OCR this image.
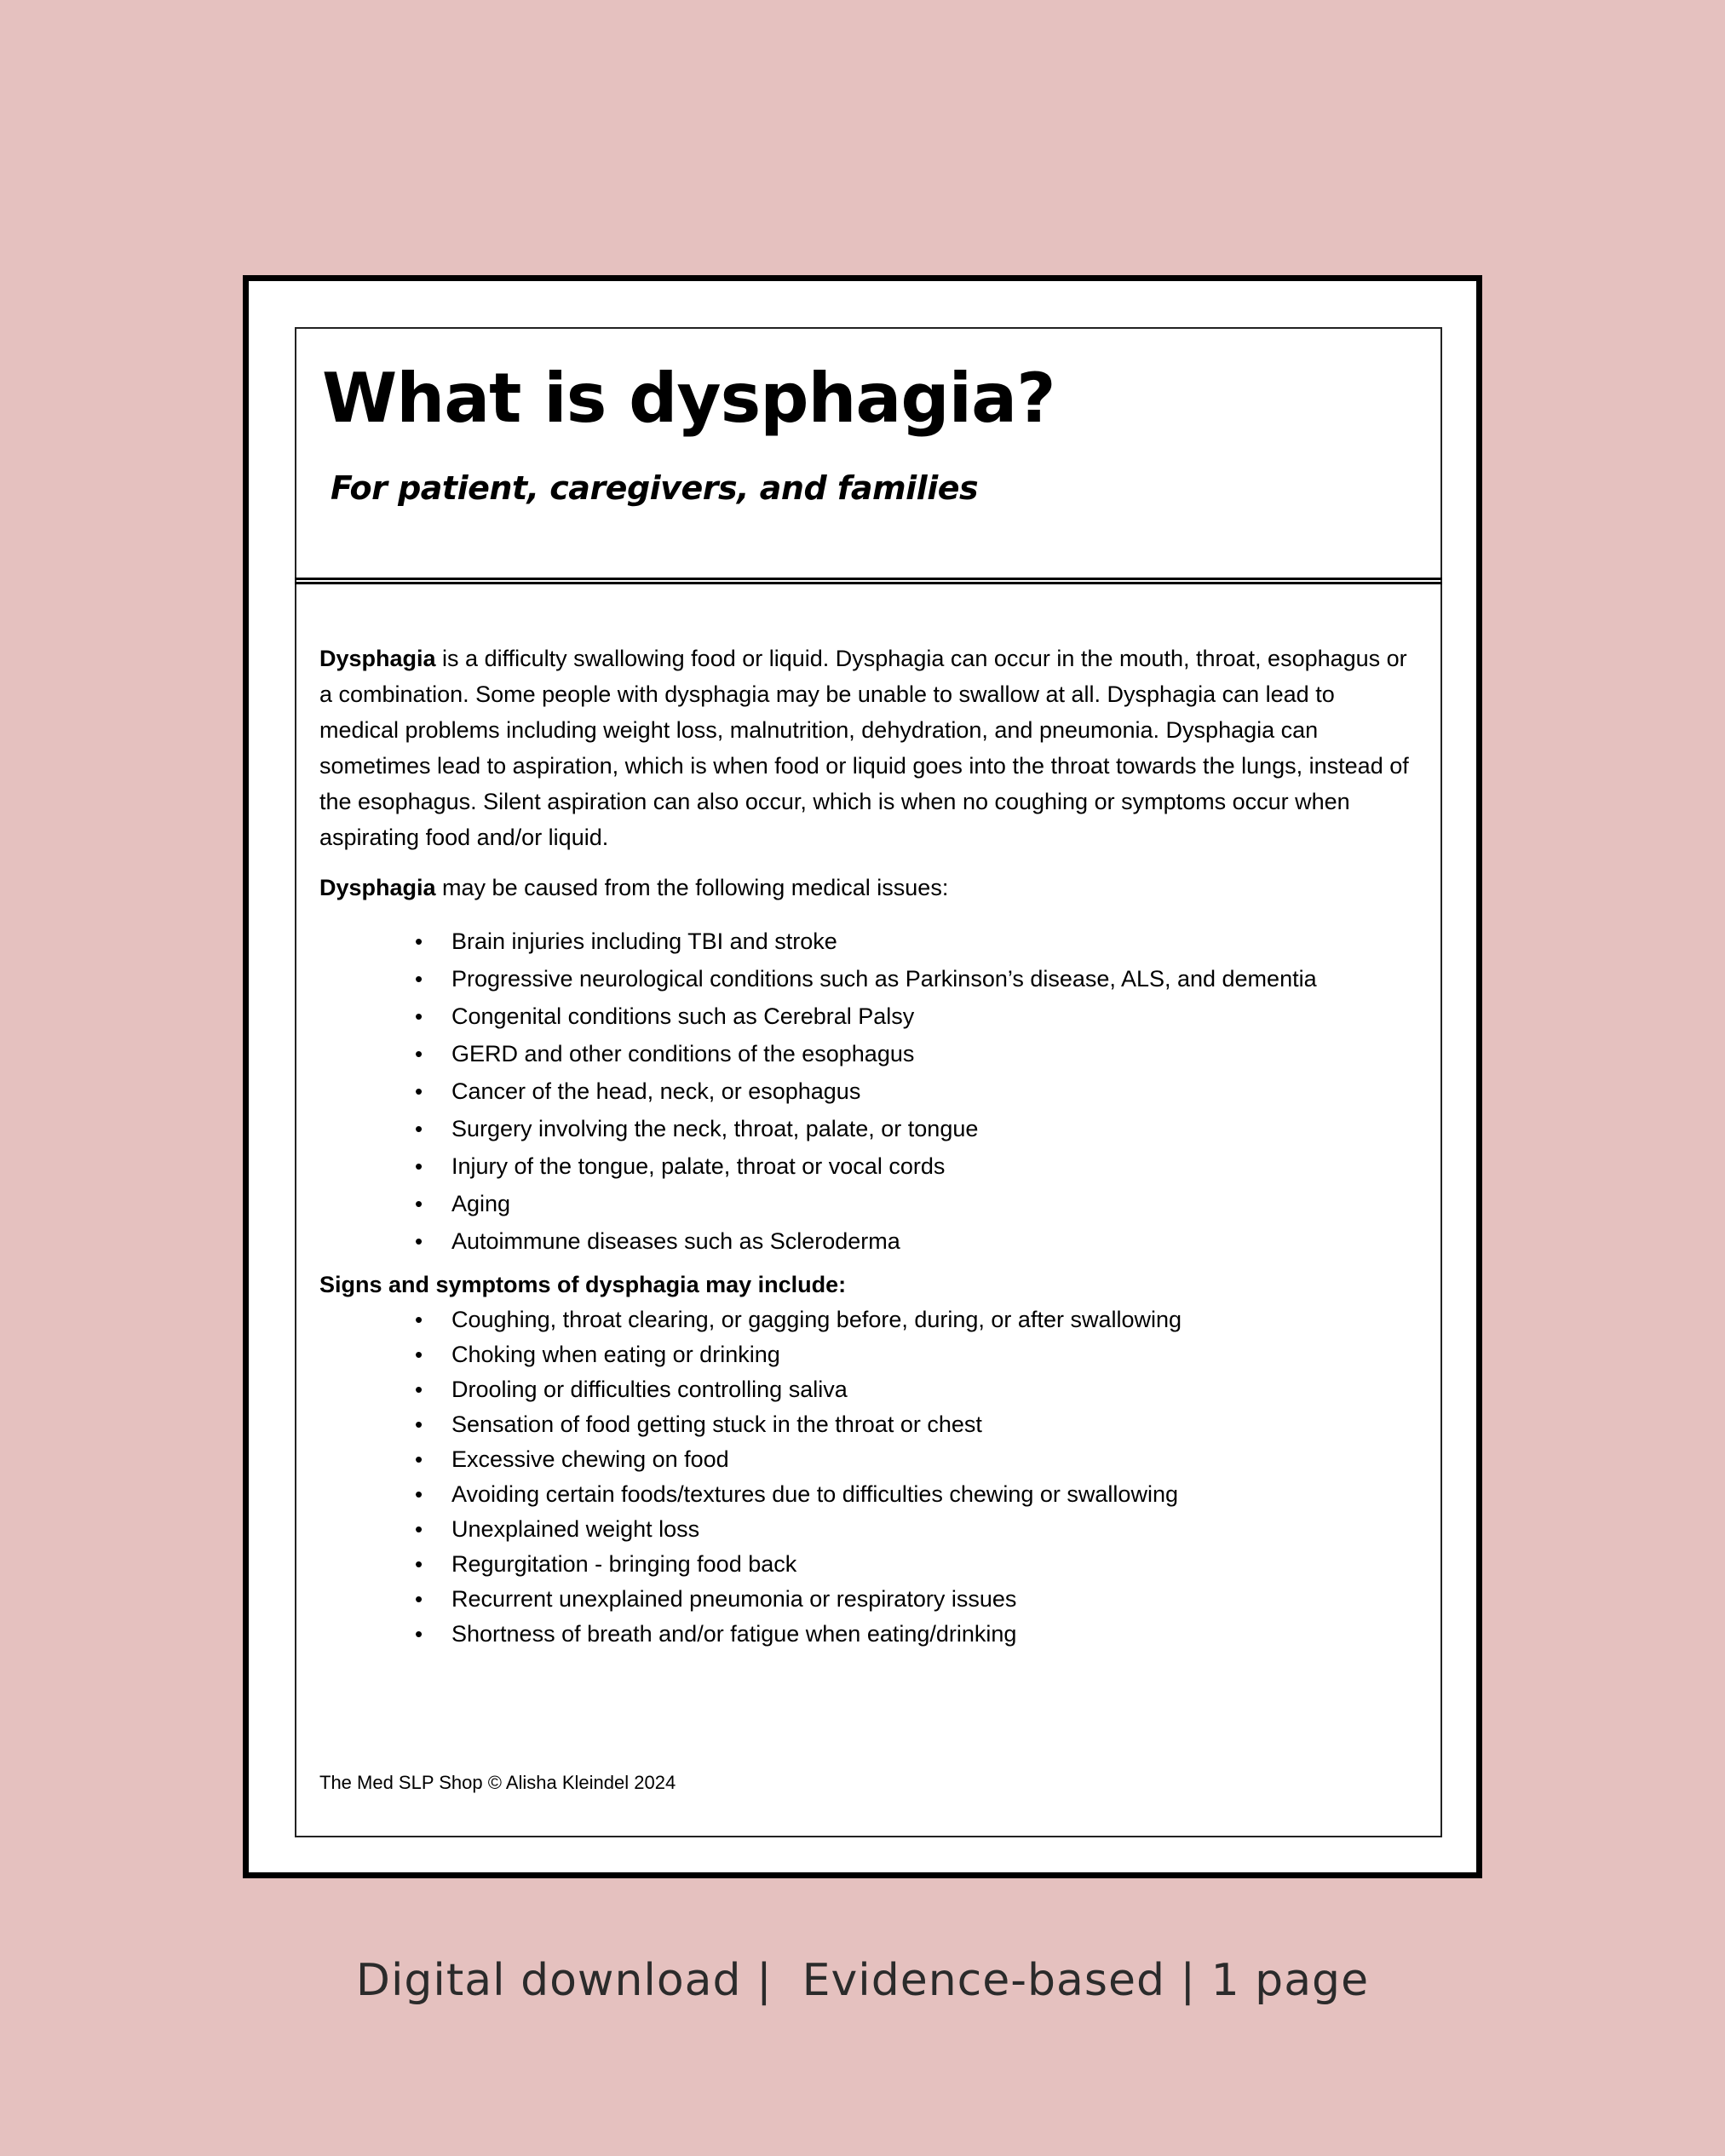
What is dysphagia?
For patient, caregivers, and families

Dysphagia is a difficulty swallowing food or liquid. Dysphagia can occur in the mouth, throat, esophagus or a combination. Some people with dysphagia may be unable to swallow at all. Dysphagia can lead to medical problems including weight loss, malnutrition, dehydration, and pneumonia. Dysphagia can sometimes lead to aspiration, which is when food or liquid goes into the throat towards the lungs, instead of the esophagus. Silent aspiration can also occur, which is when no coughing or symptoms occur when aspirating food and/or liquid.

Dysphagia may be caused from the following medical issues:

• Brain injuries including TBI and stroke
• Progressive neurological conditions such as Parkinson’s disease, ALS, and dementia
• Congenital conditions such as Cerebral Palsy
• GERD and other conditions of the esophagus
• Cancer of the head, neck, or esophagus
• Surgery involving the neck, throat, palate, or tongue
• Injury of the tongue, palate, throat or vocal cords
• Aging
• Autoimmune diseases such as Scleroderma

Signs and symptoms of dysphagia may include:

• Coughing, throat clearing, or gagging before, during, or after swallowing
• Choking when eating or drinking
• Drooling or difficulties controlling saliva
• Sensation of food getting stuck in the throat or chest
• Excessive chewing on food
• Avoiding certain foods/textures due to difficulties chewing or swallowing
• Unexplained weight loss
• Regurgitation - bringing food back
• Recurrent unexplained pneumonia or respiratory issues
• Shortness of breath and/or fatigue when eating/drinking

The Med SLP Shop © Alisha Kleindel 2024

Digital download |  Evidence-based | 1 page
